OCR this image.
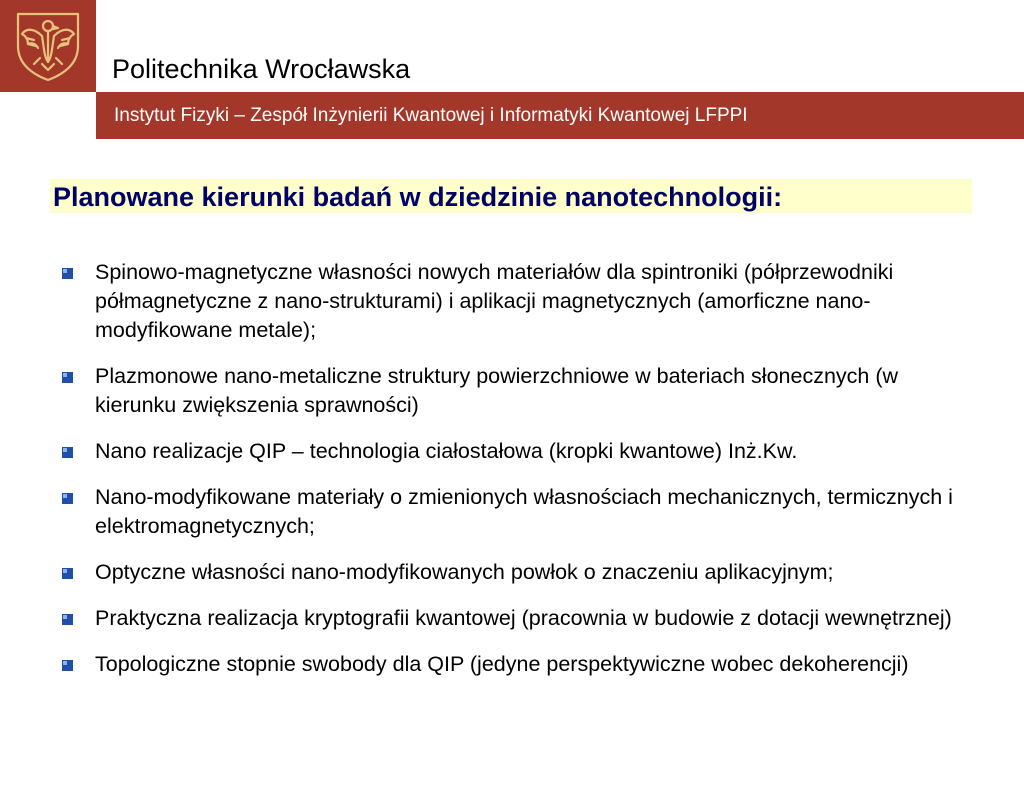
Politechnika Wrocławska
Instytut Fizyki – Zespół Inżynierii Kwantowej i Informatyki Kwantowej LFPPI
Planowane kierunki badań w dziedzinie nanotechnologii:
Spinowo-magnetyczne własności nowych materiałów dla spintroniki (półprzewodniki półmagnetyczne z nano-strukturami) i aplikacji magnetycznych (amorficzne nano-modyfikowane metale);
Plazmonowe nano-metaliczne struktury powierzchniowe w bateriach słonecznych (w kierunku zwiększenia sprawności)
Nano realizacje QIP – technologia ciałostałowa (kropki kwantowe) Inż.Kw.
Nano-modyfikowane materiały o zmienionych własnościach mechanicznych, termicznych i elektromagnetycznych;
Optyczne własności nano-modyfikowanych powłok o znaczeniu aplikacyjnym;
Praktyczna realizacja kryptografii kwantowej (pracownia w budowie z dotacji wewnętrznej)
Topologiczne stopnie swobody dla QIP (jedyne perspektywiczne wobec dekoherencji)
